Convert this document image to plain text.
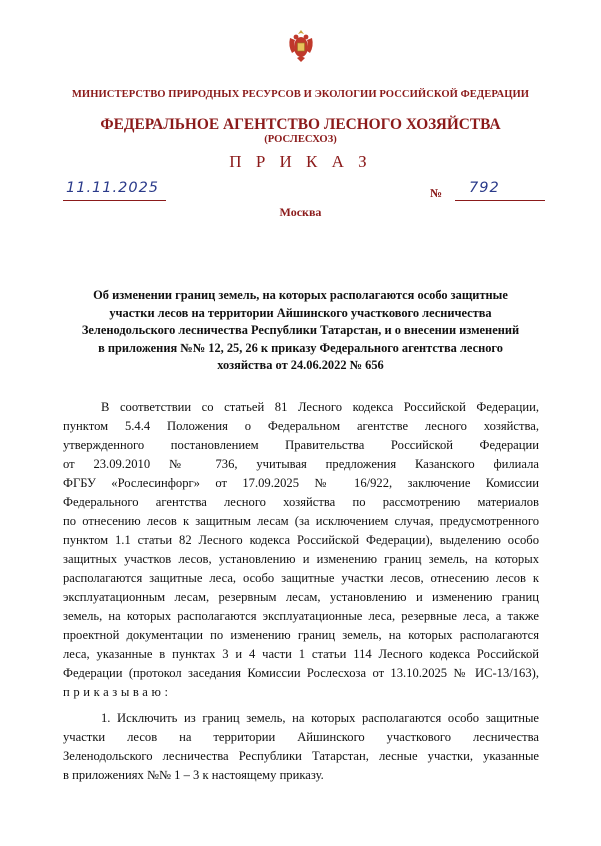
МИНИСТЕРСТВО ПРИРОДНЫХ РЕСУРСОВ И ЭКОЛОГИИ РОССИЙСКОЙ ФЕДЕРАЦИИ
ФЕДЕРАЛЬНОЕ АГЕНТСТВО ЛЕСНОГО ХОЗЯЙСТВА
(РОСЛЕСХОЗ)
П Р И К А З
11.11.2025	№ 792
Москва
Об изменении границ земель, на которых располагаются особо защитные
участки лесов на территории Айшинского участкового лесничества
Зеленодольского лесничества Республики Татарстан, и о внесении изменений
в приложения №№ 12, 25, 26 к приказу Федерального агентства лесного
хозяйства от 24.06.2022 № 656
В соответствии со статьей 81 Лесного кодекса Российской Федерации,
пунктом 5.4.4 Положения о Федеральном агентстве лесного хозяйства,
утвержденного постановлением Правительства Российской Федерации
от 23.09.2010 № 736, учитывая предложения Казанского филиала
ФГБУ «Рослесинфорг» от 17.09.2025 № 16/922, заключение Комиссии
Федерального агентства лесного хозяйства по рассмотрению материалов
по отнесению лесов к защитным лесам (за исключением случая, предусмотренного
пунктом 1.1 статьи 82 Лесного кодекса Российской Федерации), выделению особо
защитных участков лесов, установлению и изменению границ земель, на которых
располагаются защитные леса, особо защитные участки лесов, отнесению лесов к
эксплуатационным лесам, резервным лесам, установлению и изменению границ
земель, на которых располагаются эксплуатационные леса, резервные леса, а также
проектной документации по изменению границ земель, на которых располагаются
леса, указанные в пунктах 3 и 4 части 1 статьи 114 Лесного кодекса Российской
Федерации (протокол заседания Комиссии Рослесхоза от 13.10.2025 № ИС-13/163),
приказываю:
1. Исключить из границ земель, на которых располагаются особо защитные
участки лесов на территории Айшинского участкового лесничества
Зеленодольского лесничества Республики Татарстан, лесные участки, указанные
в приложениях №№ 1 – 3 к настоящему приказу.
